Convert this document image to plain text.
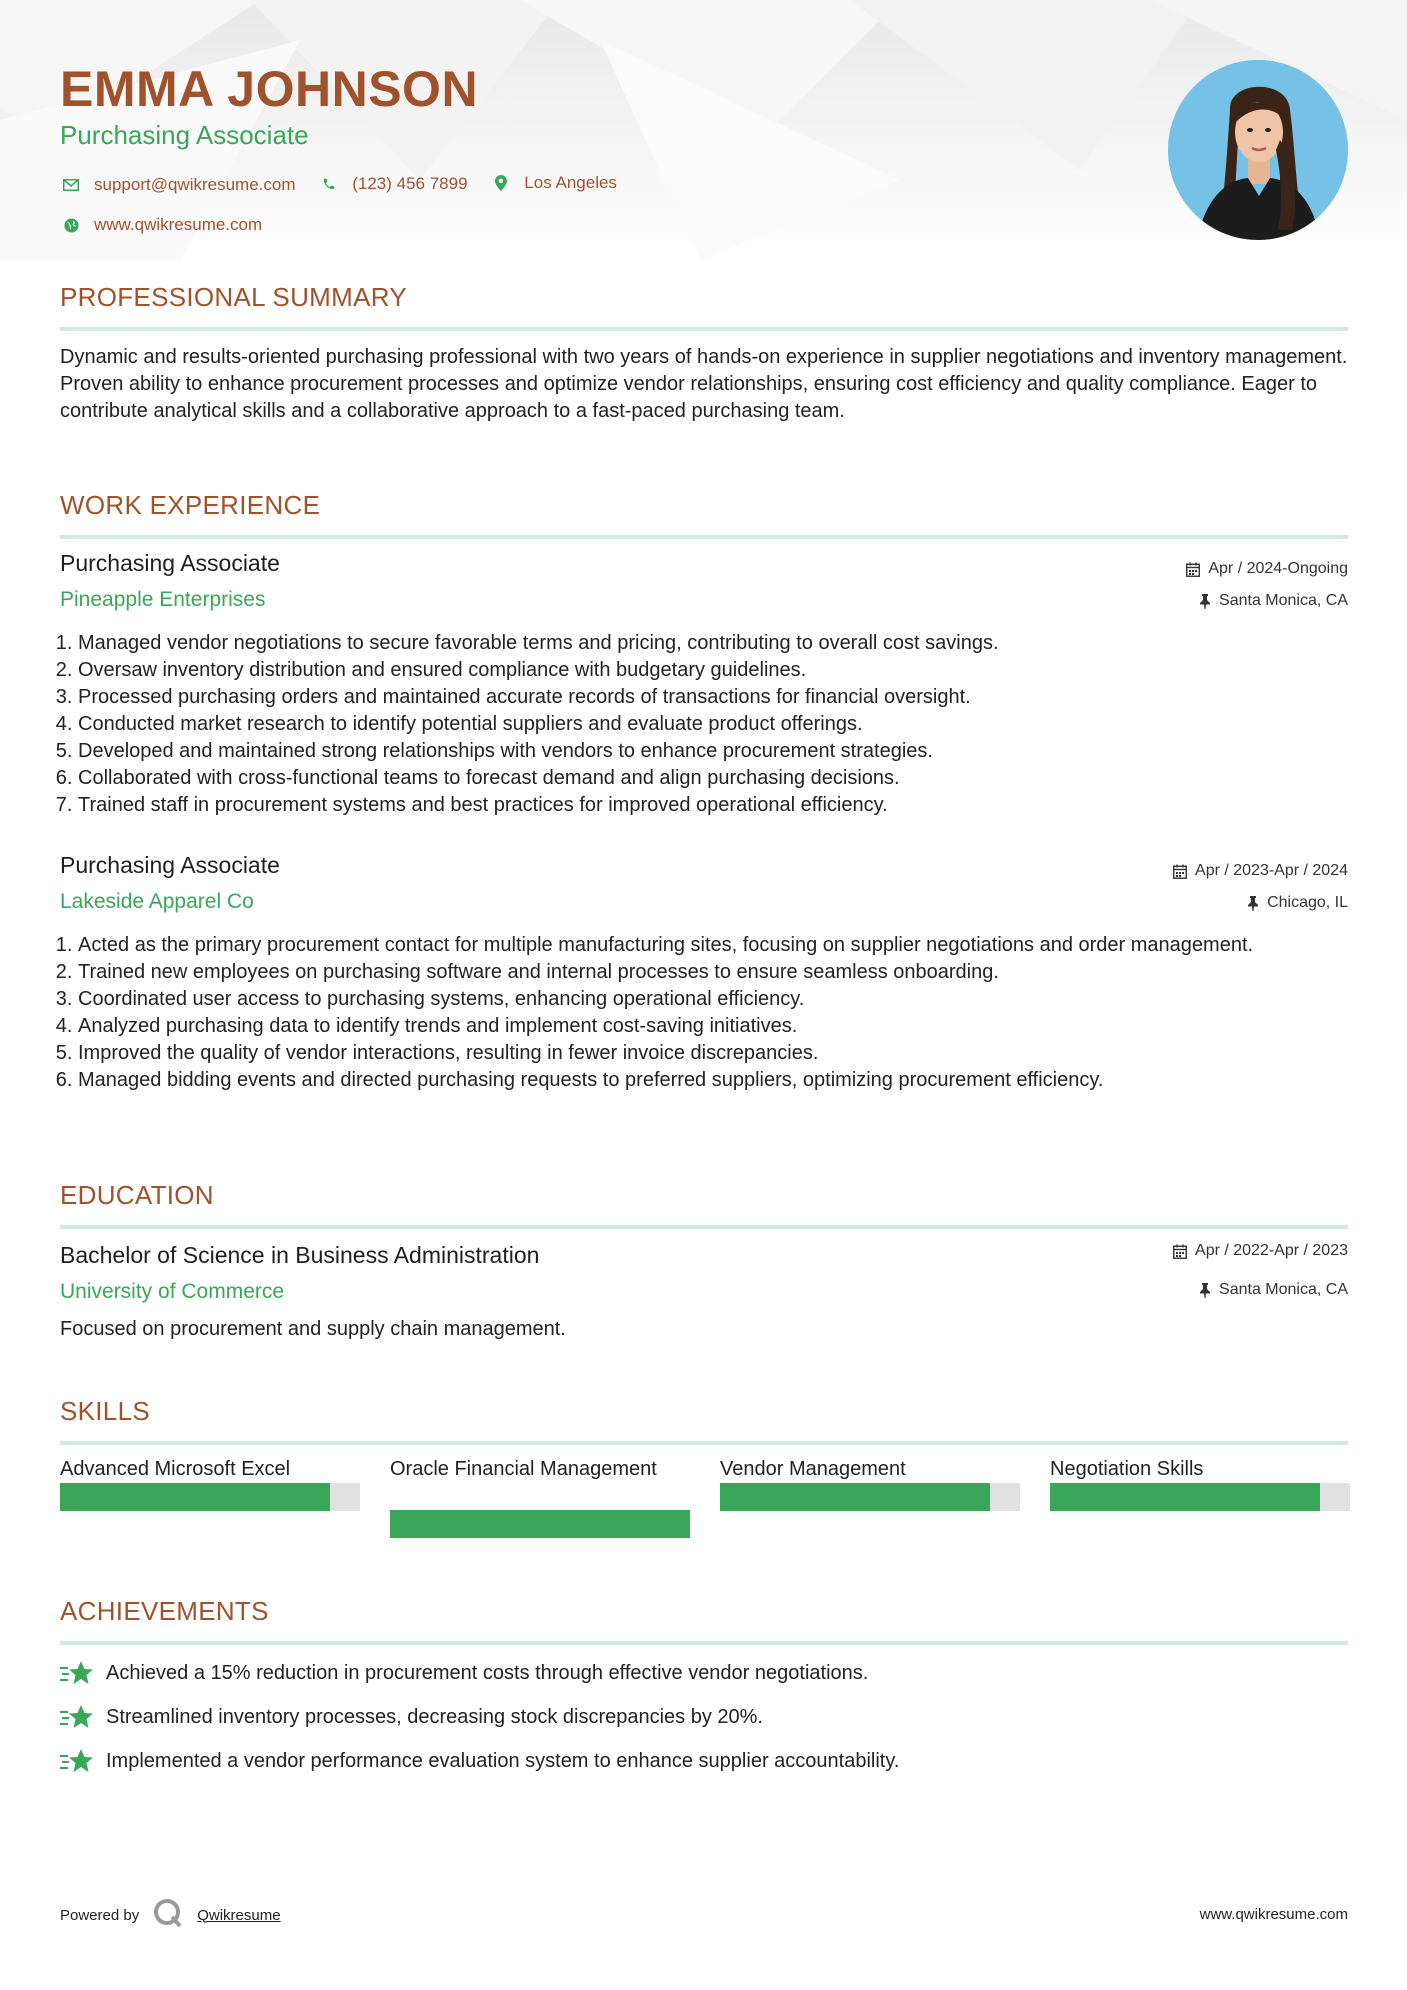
EMMA JOHNSON
Purchasing Associate
support@qwikresume.com
	(123) 456 7899
	Los Angeles
www.qwikresume.com
PROFESSIONAL SUMMARY
Dynamic and results-oriented purchasing professional with two years of hands-on experience in supplier negotiations and inventory management. Proven ability to enhance procurement processes and optimize vendor relationships, ensuring cost efficiency and quality compliance. Eager to contribute analytical skills and a collaborative approach to a fast-paced purchasing team.
WORK EXPERIENCE
Purchasing Associate	Apr / 2024-Ongoing
Pineapple Enterprises	Santa Monica, CA
1. Managed vendor negotiations to secure favorable terms and pricing, contributing to overall cost savings.
2. Oversaw inventory distribution and ensured compliance with budgetary guidelines.
3. Processed purchasing orders and maintained accurate records of transactions for financial oversight.
4. Conducted market research to identify potential suppliers and evaluate product offerings.
5. Developed and maintained strong relationships with vendors to enhance procurement strategies.
6. Collaborated with cross-functional teams to forecast demand and align purchasing decisions.
7. Trained staff in procurement systems and best practices for improved operational efficiency.
Purchasing Associate	Apr / 2023-Apr / 2024
Lakeside Apparel Co	Chicago, IL
1. Acted as the primary procurement contact for multiple manufacturing sites, focusing on supplier negotiations and order management.
2. Trained new employees on purchasing software and internal processes to ensure seamless onboarding.
3. Coordinated user access to purchasing systems, enhancing operational efficiency.
4. Analyzed purchasing data to identify trends and implement cost-saving initiatives.
5. Improved the quality of vendor interactions, resulting in fewer invoice discrepancies.
6. Managed bidding events and directed purchasing requests to preferred suppliers, optimizing procurement efficiency.
EDUCATION
Bachelor of Science in Business Administration	Apr / 2022-Apr / 2023
University of Commerce	Santa Monica, CA
Focused on procurement and supply chain management.
SKILLS
Advanced Microsoft Excel	Oracle Financial Management	Vendor Management	Negotiation Skills
ACHIEVEMENTS
Achieved a 15% reduction in procurement costs through effective vendor negotiations.
Streamlined inventory processes, decreasing stock discrepancies by 20%.
Implemented a vendor performance evaluation system to enhance supplier accountability.
Powered by	Qwikresume	www.qwikresume.com
